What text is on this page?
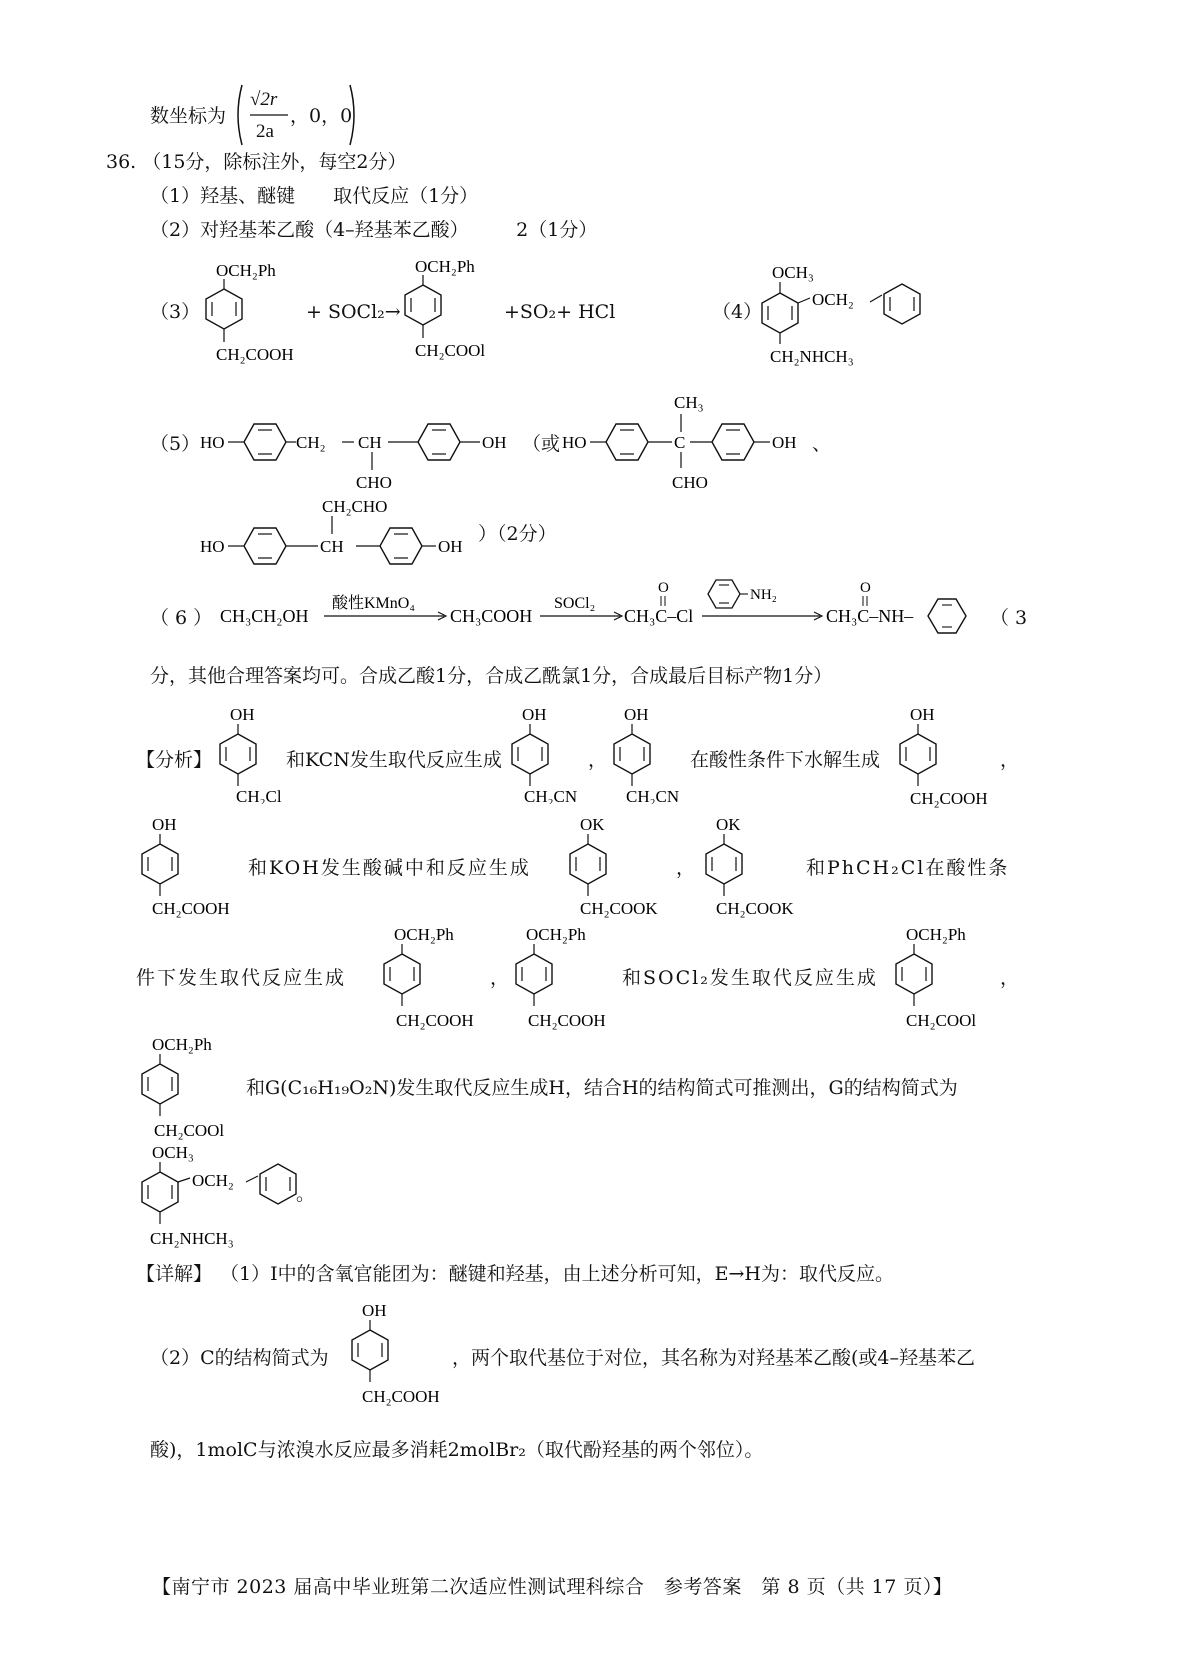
数坐标为
√2r
2a
，0，0
36. （15分，除标注外，每空2分）
（1）羟基、醚键　　取代反应（1分）
（2）对羟基苯乙酸（4–羟基苯乙酸）　　　2（1分）
（3）
OCH₂Ph
CH₂COOH
+ SOCl₂→
OCH₂Ph
CH₂COOl
+SO₂+ HCl	（4）
OCH₃
OCH₂
CH₂NHCH₃
（5） HO	CH₂ CH
CHO
OH （或 HO
CH₃
C
CHO
OH 、
CH₂CHO
HO	CH	OH
）（2分）
（ 6 ） CH₃CH₂OH
酸性KMnO₄
CH₃COOH
SOCl₂
O
CH₃C–Cl
NH₂	O
CH₃C–NH–	（ 3
分，其他合理答案均可。合成乙酸1分，合成乙酰氯1分，合成最后目标产物1分）
【分析】
OH
CH₂Cl
和KCN发生取代反应生成
OH
CH₂CN
，
OH
CH₂CN
在酸性条件下水解生成
OH
CH₂COOH
，
OH
CH₂COOH
和KOH发生酸碱中和反应生成
OK
CH₂COOK
，
OK
CH₂COOK
和PhCH₂Cl在酸性条
件下发生取代反应生成
OCH₂Ph
CH₂COOH
，
OCH₂Ph
CH₂COOH
和SOCl₂发生取代反应生成
OCH₂Ph
CH₂COOl
，
OCH₂Ph
CH₂COOl
和G(C₁₆H₁₉O₂N)发生取代反应生成H，结合H的结构简式可推测出，G的结构简式为
OCH₃
OCH₂
CH₂NHCH₃
。
【详解】 （1）I中的含氧官能团为：醚键和羟基，由上述分析可知，E→H为：取代反应。
（2）C的结构简式为
OH
CH₂COOH
，两个取代基位于对位，其名称为对羟基苯乙酸(或4–羟基苯乙
酸)，1molC与浓溴水反应最多消耗2molBr₂（取代酚羟基的两个邻位）。
【南宁市 2023 届高中毕业班第二次适应性测试理科综合　参考答案　第 8 页（共 17 页）】
